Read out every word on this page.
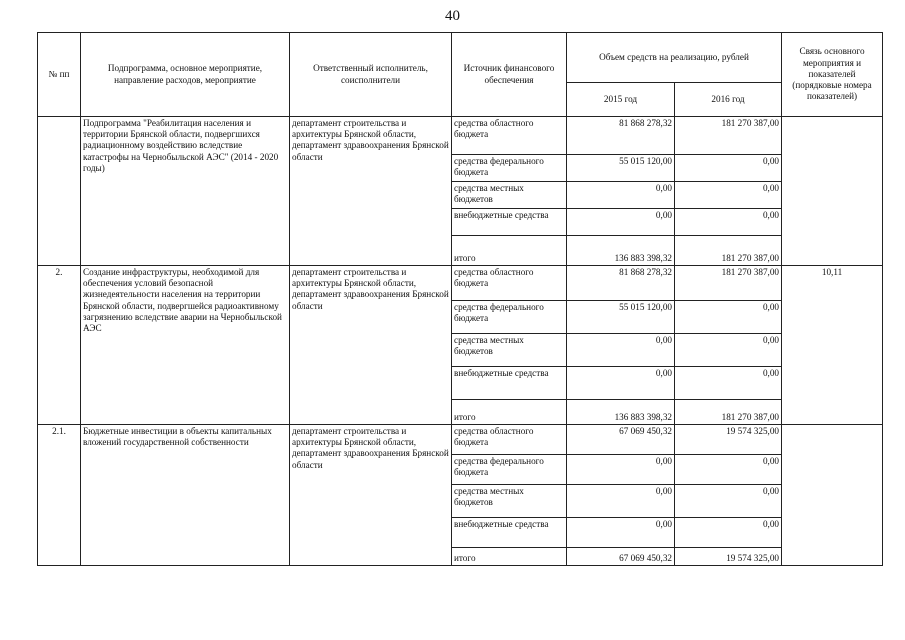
40
№ пп	Подпрограмма, основное мероприятие, направление расходов, мероприятие	Ответственный исполнитель, соисполнители	Источник финансового обеспечения	Объем средств на реализацию, рублей		Связь основного мероприятия и показателей (порядковые номера показателей)
				2015 год	2016 год	
	Подпрограмма "Реабилитация населения и территории Брянской области, подвергшихся радиационному воздействию вследствие катастрофы на Чернобыльской АЭС" (2014 - 2020 годы)	департамент строительства и архитектуры Брянской области, департамент здравоохранения Брянской области	средства областного бюджета	81 868 278,32	181 270 387,00	
			средства федерального бюджета	55 015 120,00	0,00	
			средства местных бюджетов	0,00	0,00	
			внебюджетные средства	0,00	0,00	
			итого	136 883 398,32	181 270 387,00	
2.	Создание инфраструктуры, необходимой для обеспечения условий безопасной жизнедеятельности населения на территории Брянской области, подвергшейся радиоактивному загрязнению вследствие аварии на Чернобыльской АЭС	департамент строительства и архитектуры Брянской области, департамент здравоохранения Брянской области	средства областного бюджета	81 868 278,32	181 270 387,00	10,11
			средства федерального бюджета	55 015 120,00	0,00	
			средства местных бюджетов	0,00	0,00	
			внебюджетные средства	0,00	0,00	
			итого	136 883 398,32	181 270 387,00	
2.1.	Бюджетные инвестиции в объекты капитальных вложений государственной собственности	департамент строительства и архитектуры Брянской области, департамент здравоохранения Брянской области	средства областного бюджета	67 069 450,32	19 574 325,00	
			средства федерального бюджета	0,00	0,00	
			средства местных бюджетов	0,00	0,00	
			внебюджетные средства	0,00	0,00	
			итого	67 069 450,32	19 574 325,00	
